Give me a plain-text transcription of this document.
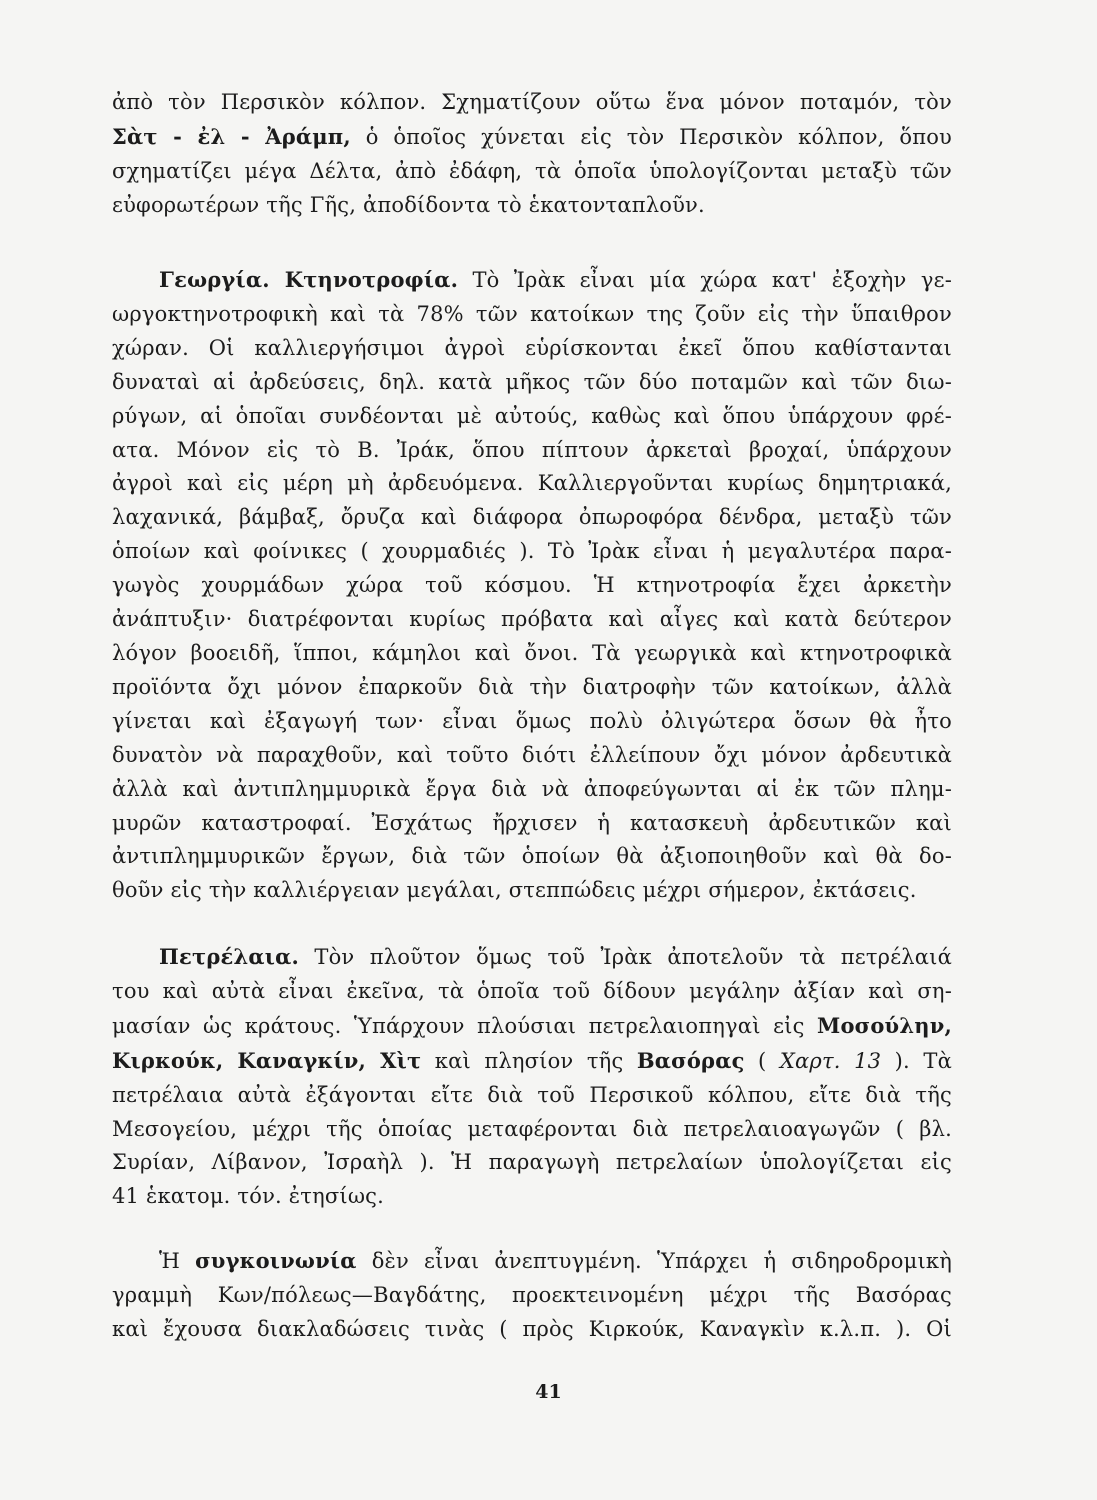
ἀπὸ τὸν Περσικὸν κόλπον. Σχηματίζουν οὕτω ἕνα μόνον ποταμόν, τὸν
Σὰτ - ἐλ - Ἀράμπ, ὁ ὁποῖος χύνεται εἰς τὸν Περσικὸν κόλπον, ὅπου
σχηματίζει μέγα Δέλτα, ἀπὸ ἐδάφη, τὰ ὁποῖα ὑπολογίζονται μεταξὺ τῶν
εὐφορωτέρων τῆς Γῆς, ἀποδίδοντα τὸ ἑκατονταπλοῦν.
Γεωργία. Κτηνοτροφία. Τὸ Ἰρὰκ εἶναι μία χώρα κατ' ἐξοχὴν γε-
ωργοκτηνοτροφικὴ καὶ τὰ 78% τῶν κατοίκων της ζοῦν εἰς τὴν ὕπαιθρον
χώραν. Οἱ καλλιεργήσιμοι ἀγροὶ εὑρίσκονται ἐκεῖ ὅπου καθίστανται
δυναταὶ αἱ ἀρδεύσεις, δηλ. κατὰ μῆκος τῶν δύο ποταμῶν καὶ τῶν διω-
ρύγων, αἱ ὁποῖαι συνδέονται μὲ αὐτούς, καθὼς καὶ ὅπου ὑπάρχουν φρέ-
ατα. Μόνον εἰς τὸ Β. Ἰράκ, ὅπου πίπτουν ἀρκεταὶ βροχαί, ὑπάρχουν
ἀγροὶ καὶ εἰς μέρη μὴ ἀρδευόμενα. Καλλιεργοῦνται κυρίως δημητριακά,
λαχανικά, βάμβαξ, ὄρυζα καὶ διάφορα ὀπωροφόρα δένδρα, μεταξὺ τῶν
ὁποίων καὶ φοίνικες ( χουρμαδιές ). Τὸ Ἰρὰκ εἶναι ἡ μεγαλυτέρα παρα-
γωγὸς χουρμάδων χώρα τοῦ κόσμου. Ἡ κτηνοτροφία ἔχει ἀρκετὴν
ἀνάπτυξιν· διατρέφονται κυρίως πρόβατα καὶ αἶγες καὶ κατὰ δεύτερον
λόγον βοοειδῆ, ἵπποι, κάμηλοι καὶ ὄνοι. Τὰ γεωργικὰ καὶ κτηνοτροφικὰ
προϊόντα ὄχι μόνον ἐπαρκοῦν διὰ τὴν διατροφὴν τῶν κατοίκων, ἀλλὰ
γίνεται καὶ ἐξαγωγή των· εἶναι ὅμως πολὺ ὀλιγώτερα ὅσων θὰ ἦτο
δυνατὸν νὰ παραχθοῦν, καὶ τοῦτο διότι ἐλλείπουν ὄχι μόνον ἀρδευτικὰ
ἀλλὰ καὶ ἀντιπλημμυρικὰ ἔργα διὰ νὰ ἀποφεύγωνται αἱ ἐκ τῶν πλημ-
μυρῶν καταστροφαί. Ἐσχάτως ἤρχισεν ἡ κατασκευὴ ἀρδευτικῶν καὶ
ἀντιπλημμυρικῶν ἔργων, διὰ τῶν ὁποίων θὰ ἀξιοποιηθοῦν καὶ θὰ δο-
θοῦν εἰς τὴν καλλιέργειαν μεγάλαι, στεππώδεις μέχρι σήμερον, ἐκτάσεις.
Πετρέλαια. Τὸν πλοῦτον ὅμως τοῦ Ἰρὰκ ἀποτελοῦν τὰ πετρέλαιά
του καὶ αὐτὰ εἶναι ἐκεῖνα, τὰ ὁποῖα τοῦ δίδουν μεγάλην ἀξίαν καὶ ση-
μασίαν ὡς κράτους. Ὑπάρχουν πλούσιαι πετρελαιοπηγαὶ εἰς Μοσούλην,
Κιρκούκ, Καναγκίν, Χὶτ καὶ πλησίον τῆς Βασόρας ( Χαρτ. 13 ). Τὰ
πετρέλαια αὐτὰ ἐξάγονται εἴτε διὰ τοῦ Περσικοῦ κόλπου, εἴτε διὰ τῆς
Μεσογείου, μέχρι τῆς ὁποίας μεταφέρονται διὰ πετρελαιοαγωγῶν ( βλ.
Συρίαν, Λίβανον, Ἰσραὴλ ). Ἡ παραγωγὴ πετρελαίων ὑπολογίζεται εἰς
41 ἑκατομ. τόν. ἐτησίως.
Ἡ συγκοινωνία δὲν εἶναι ἀνεπτυγμένη. Ὑπάρχει ἡ σιδηροδρομικὴ
γραμμὴ Κων/πόλεως—Βαγδάτης, προεκτεινομένη μέχρι τῆς Βασόρας
καὶ ἔχουσα διακλαδώσεις τινὰς ( πρὸς Κιρκούκ, Καναγκὶν κ.λ.π. ). Οἱ
41
